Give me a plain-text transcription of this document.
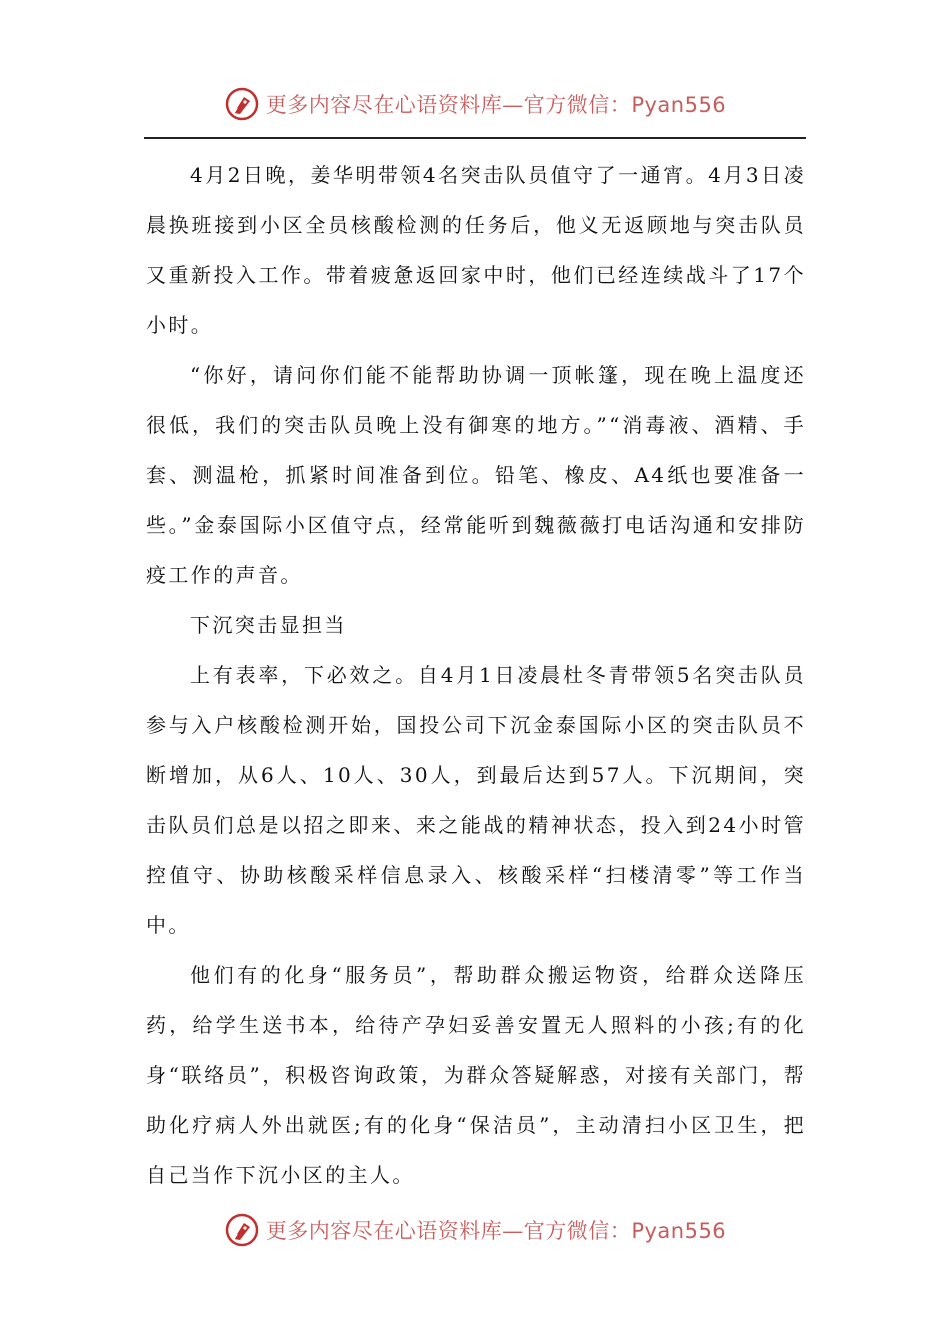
更多内容尽在心语资料库—官方微信：Pyan556

4月2日晚，姜华明带领4名突击队员值守了一通宵。4月3日凌晨换班接到小区全员核酸检测的任务后，他义无返顾地与突击队员又重新投入工作。带着疲惫返回家中时，他们已经连续战斗了17个小时。

“你好，请问你们能不能帮助协调一顶帐篷，现在晚上温度还很低，我们的突击队员晚上没有御寒的地方。”“消毒液、酒精、手套、测温枪，抓紧时间准备到位。铅笔、橡皮、A4纸也要准备一些。”金泰国际小区值守点，经常能听到魏薇薇打电话沟通和安排防疫工作的声音。

下沉突击显担当

上有表率，下必效之。自4月1日凌晨杜冬青带领5名突击队员参与入户核酸检测开始，国投公司下沉金泰国际小区的突击队员不断增加，从6人、10人、30人，到最后达到57人。下沉期间，突击队员们总是以招之即来、来之能战的精神状态，投入到24小时管控值守、协助核酸采样信息录入、核酸采样“扫楼清零”等工作当中。

他们有的化身“服务员”，帮助群众搬运物资，给群众送降压药，给学生送书本，给待产孕妇妥善安置无人照料的小孩;有的化身“联络员”，积极咨询政策，为群众答疑解惑，对接有关部门，帮助化疗病人外出就医;有的化身“保洁员”，主动清扫小区卫生，把自己当作下沉小区的主人。

更多内容尽在心语资料库—官方微信：Pyan556
